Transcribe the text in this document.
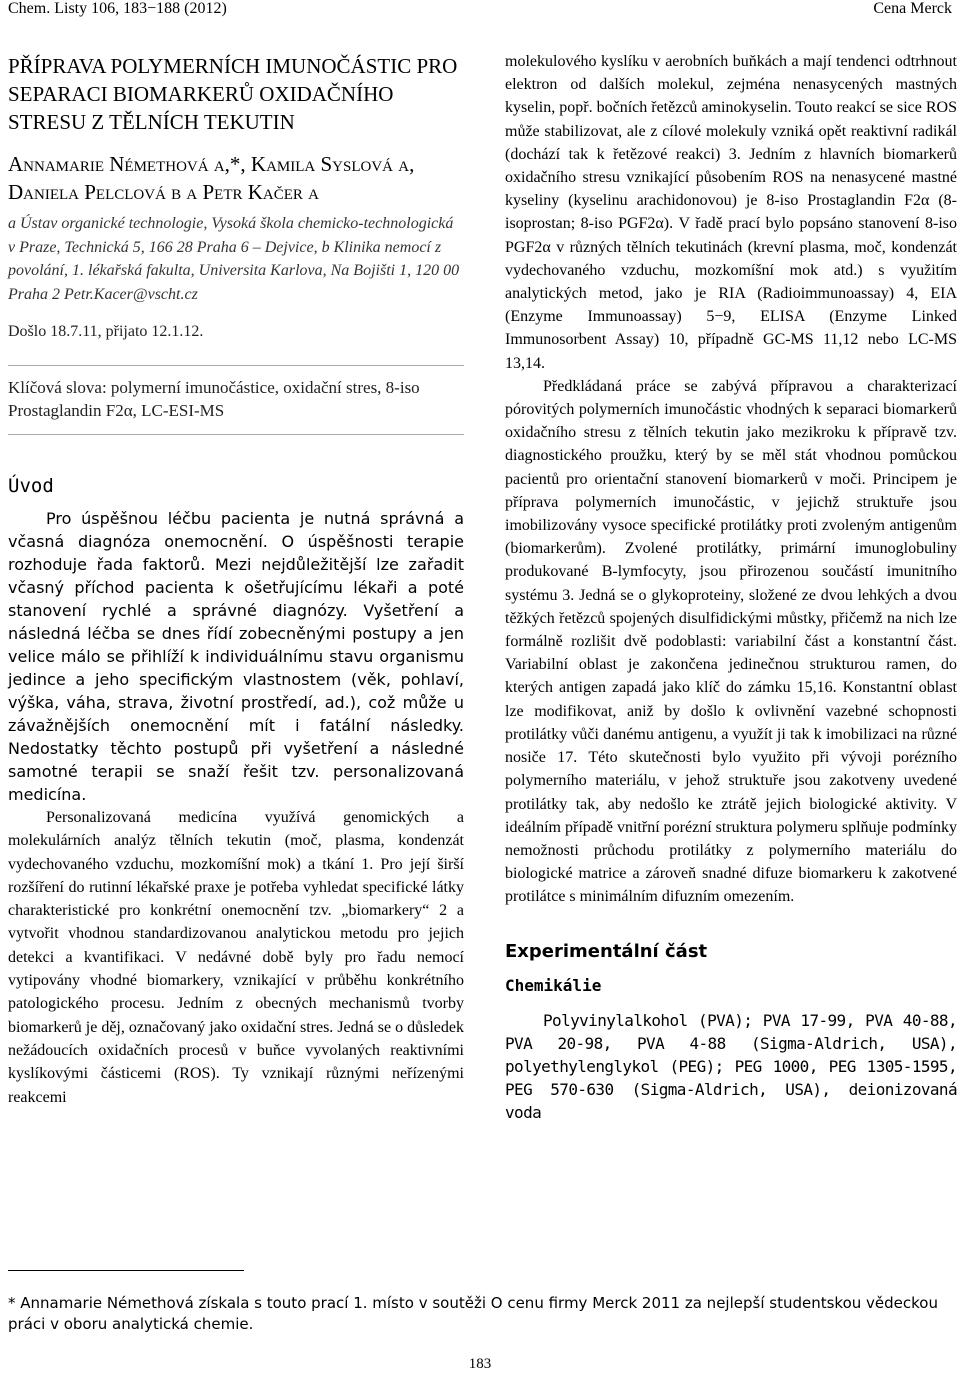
Chem. Listy 106, 183−188 (2012)	Cena Merck
PŘÍPRAVA POLYMERNÍCH IMUNOČÁSTIC PRO SEPARACI BIOMARKERŮ OXIDAČNÍHO STRESU Z TĚLNÍCH TEKUTIN

Annamarie Némethová a,*, Kamila Syslová a, Daniela Pelclová b a Petr Kačer a

a Ústav organické technologie, Vysoká škola chemicko-technologická v Praze, Technická 5, 166 28 Praha 6 – Dejvice, b Klinika nemocí z povolání, 1. lékařská fakulta, Universita Karlova, Na Bojišti 1, 120 00 Praha 2 Petr.Kacer@vscht.cz

Došlo 18.7.11, přijato 12.1.12.

Klíčová slova: polymerní imunočástice, oxidační stres, 8-iso Prostaglandin F2α, LC-ESI-MS
Úvod

Pro úspěšnou léčbu pacienta je nutná správná a včasná diagnóza onemocnění. O úspěšnosti terapie rozhoduje řada faktorů. Mezi nejdůležitější lze zařadit včasný příchod pacienta k ošetřujícímu lékaři a poté stanovení rychlé a správné diagnózy. Vyšetření a následná léčba se dnes řídí zobecněnými postupy a jen velice málo se přihlíží k individuálnímu stavu organismu jedince a jeho specifickým vlastnostem (věk, pohlaví, výška, váha, strava, životní prostředí, ad.), což může u závažnějších onemocnění mít i fatální následky. Nedostatky těchto postupů při vyšetření a následné samotné terapii se snaží řešit tzv. personalizovaná medicína.

Personalizovaná medicína využívá genomických a molekulárních analýz tělních tekutin (moč, plasma, kondenzát vydechovaného vzduchu, mozkomíšní mok) a tkání 1. Pro její širší rozšíření do rutinní lékařské praxe je potřeba vyhledat specifické látky charakteristické pro konkrétní onemocnění tzv. „biomarkery“ 2 a vytvořit vhodnou standardizovanou analytickou metodu pro jejich detekci a kvantifikaci. V nedávné době byly pro řadu nemocí vytipovány vhodné biomarkery, vznikající v průběhu konkrétního patologického procesu. Jedním z obecných mechanismů tvorby biomarkerů je děj, označovaný jako oxidační stres. Jedná se o důsledek nežádoucích oxidačních procesů v buňce vyvolaných reaktivními kyslíkovými částicemi (ROS). Ty vznikají různými neřízenými reakcemi

molekulového kyslíku v aerobních buňkách a mají tendenci odtrhnout elektron od dalších molekul, zejména nenasycených mastných kyselin, popř. bočních řetězců aminokyselin. Touto reakcí se sice ROS může stabilizovat, ale z cílové molekuly vzniká opět reaktivní radikál (dochází tak k řetězové reakci) 3. Jedním z hlavních biomarkerů oxidačního stresu vznikající působením ROS na nenasycené mastné kyseliny (kyselinu arachidonovou) je 8-iso Prostaglandin F2α (8-isoprostan; 8-iso PGF2α). V řadě prací bylo popsáno stanovení 8-iso PGF2α v různých tělních tekutinách (krevní plasma, moč, kondenzát vydechovaného vzduchu, mozkomíšní mok atd.) s využitím analytických metod, jako je RIA (Radioimmunoassay) 4, EIA (Enzyme Immunoassay) 5−9, ELISA (Enzyme Linked Immunosorbent Assay) 10, případně GC-MS 11,12 nebo LC-MS 13,14.

Předkládaná práce se zabývá přípravou a charakterizací pórovitých polymerních imunočástic vhodných k separaci biomarkerů oxidačního stresu z tělních tekutin jako mezikroku k přípravě tzv. diagnostického proužku, který by se měl stát vhodnou pomůckou pacientů pro orientační stanovení biomarkerů v moči. Principem je příprava polymerních imunočástic, v jejichž struktuře jsou imobilizovány vysoce specifické protilátky proti zvoleným antigenům (biomarkerům). Zvolené protilátky, primární imunoglobuliny produkované B-lymfocyty, jsou přirozenou součástí imunitního systému 3. Jedná se o glykoproteiny, složené ze dvou lehkých a dvou těžkých řetězců spojených disulfidickými můstky, přičemž na nich lze formálně rozlišit dvě podoblasti: variabilní část a konstantní část. Variabilní oblast je zakončena jedinečnou strukturou ramen, do kterých antigen zapadá jako klíč do zámku 15,16. Konstantní oblast lze modifikovat, aniž by došlo k ovlivnění vazebné schopnosti protilátky vůči danému antigenu, a využít ji tak k imobilizaci na různé nosiče 17. Této skutečnosti bylo využito při vývoji porézního polymerního materiálu, v jehož struktuře jsou zakotveny uvedené protilátky tak, aby nedošlo ke ztrátě jejich biologické aktivity. V ideálním případě vnitřní porézní struktura polymeru splňuje podmínky nemožnosti průchodu protilátky z polymerního materiálu do biologické matrice a zároveň snadné difuze biomarkeru k zakotvené protilátce s minimálním difuzním omezením.

Experimentální část
Chemikálie

Polyvinylalkohol (PVA); PVA 17-99, PVA 40-88, PVA 20-98, PVA 4-88 (Sigma-Aldrich, USA), polyethylenglykol (PEG); PEG 1000, PEG 1305-1595, PEG 570-630 (Sigma-Aldrich, USA), deionizovaná voda

* Annamarie Némethová získala s touto prací 1. místo v soutěži O cenu firmy Merck 2011 za nejlepší studentskou vědeckou práci v oboru analytická chemie.
183
